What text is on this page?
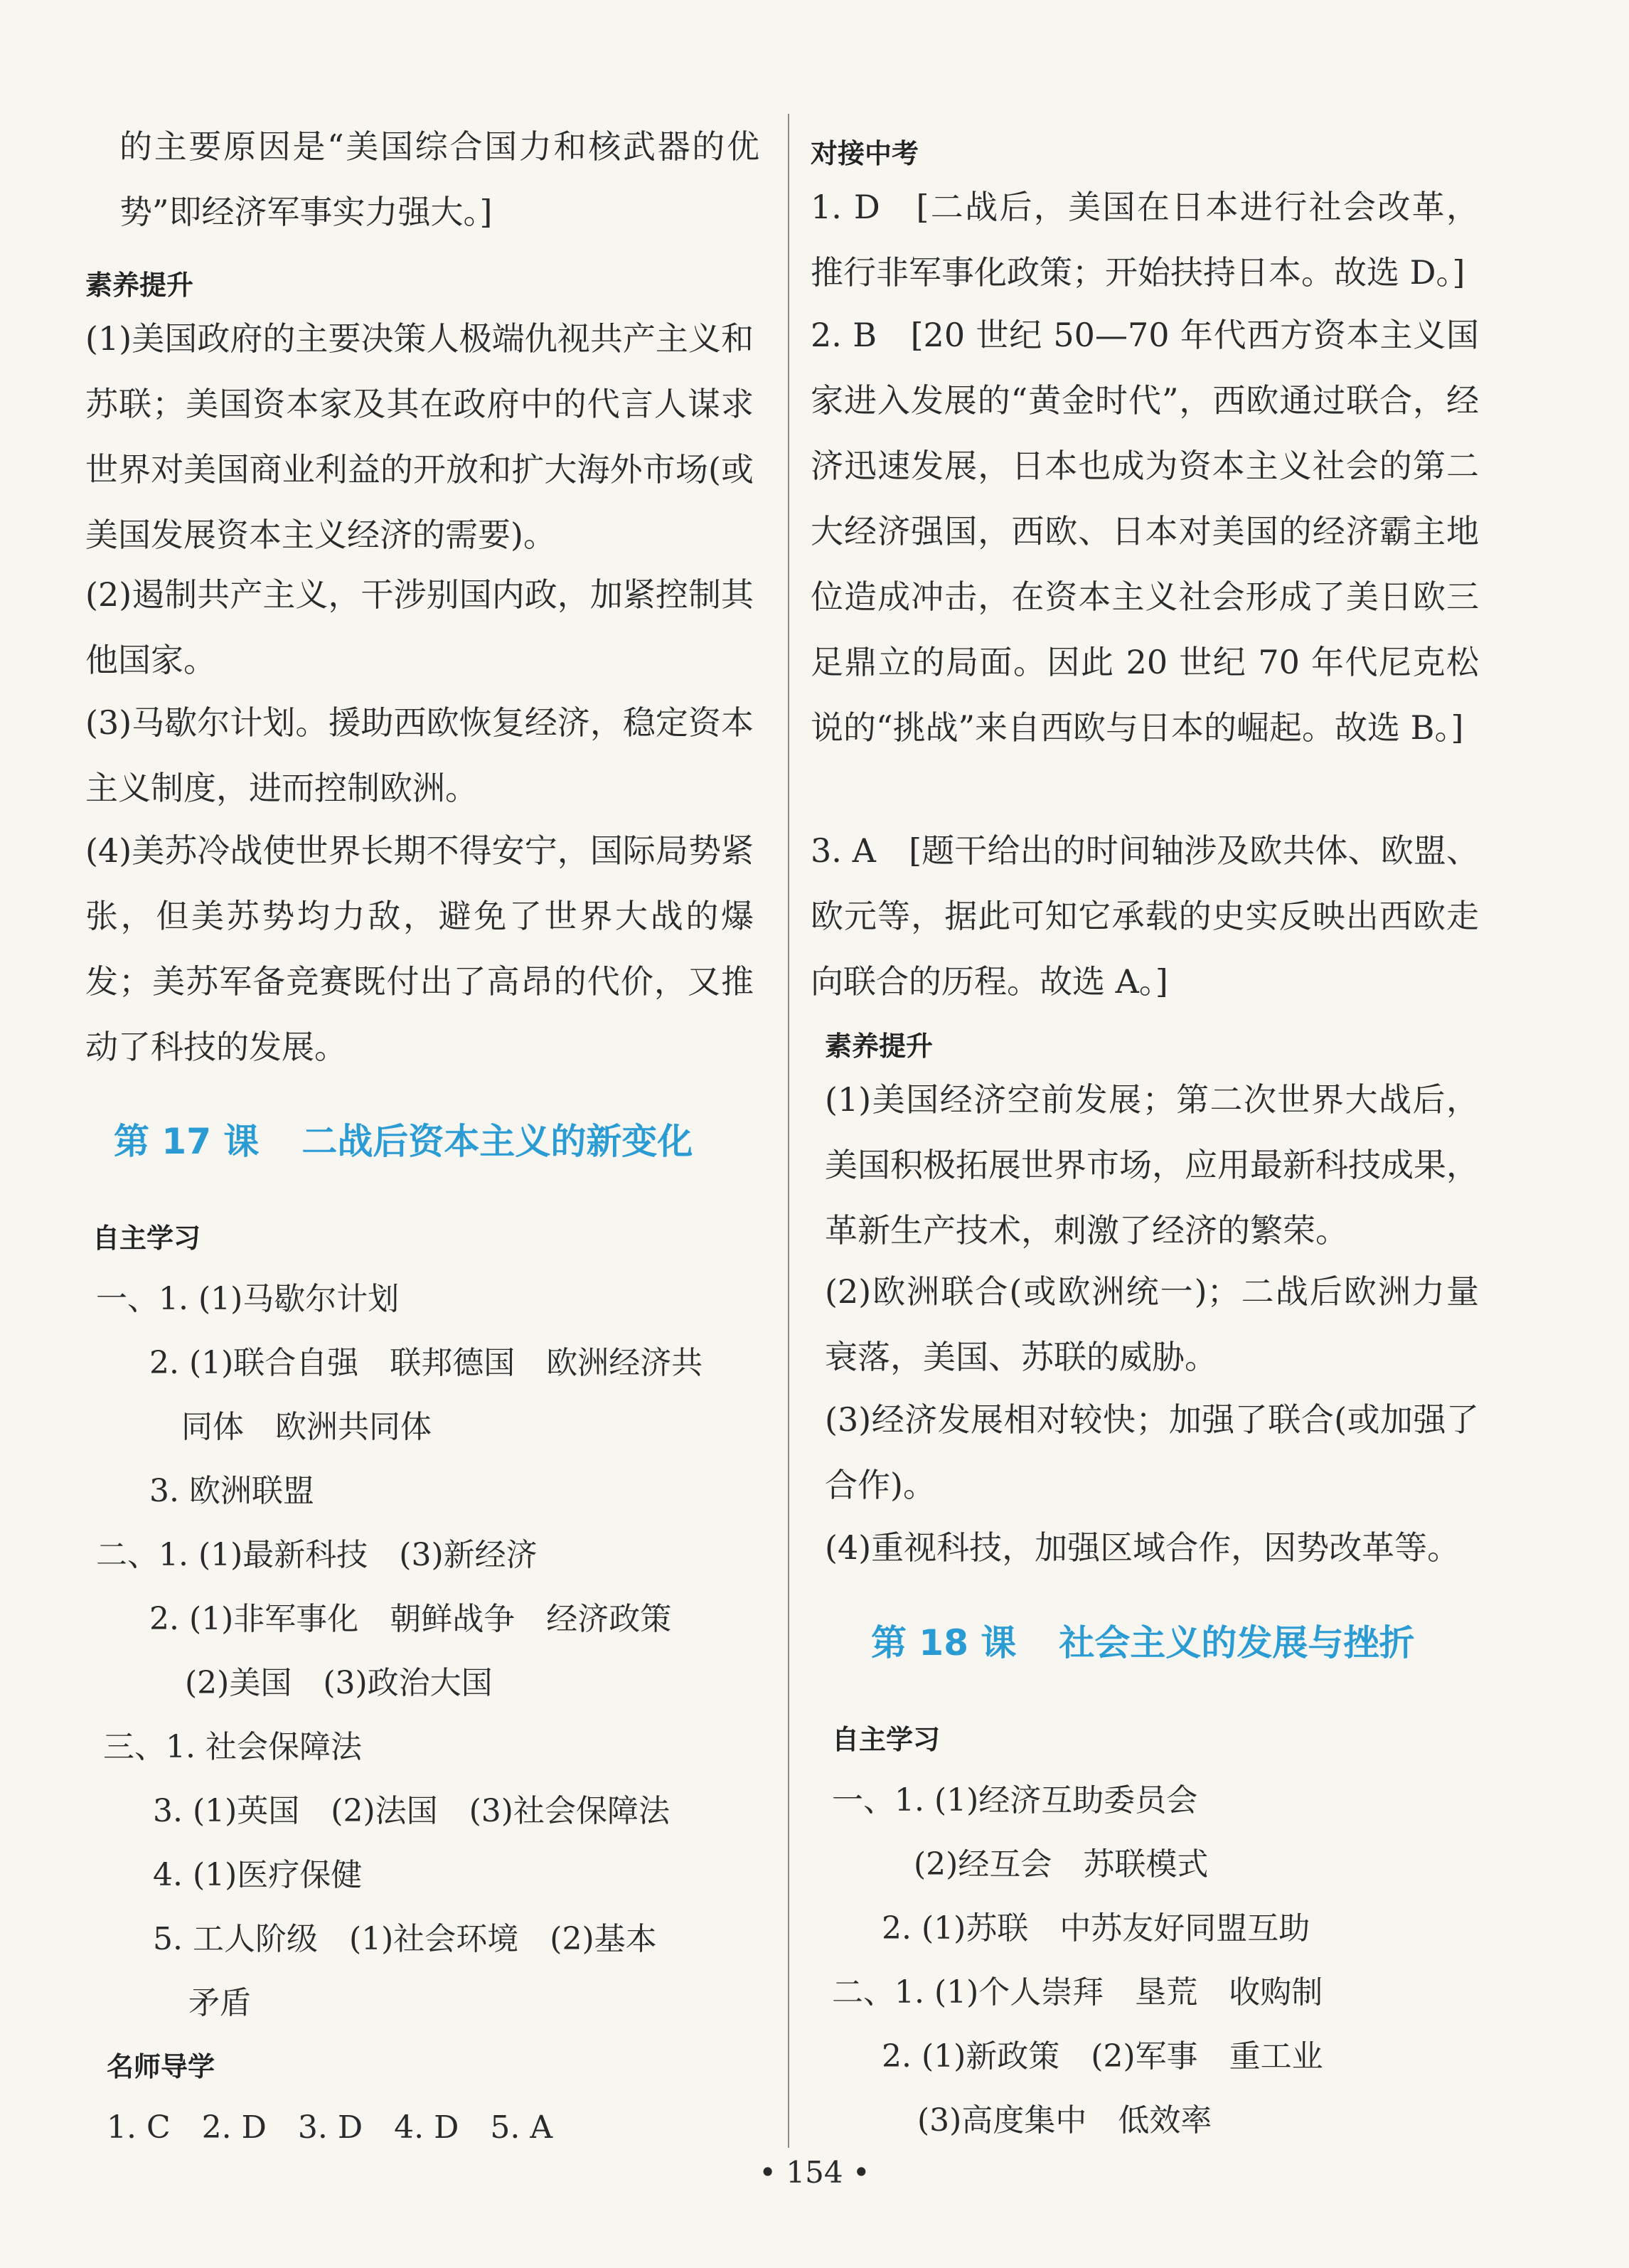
的主要原因是“美国综合国力和核武器的优势”即经济军事实力强大。]

素养提升

(1)美国政府的主要决策人极端仇视共产主义和苏联；美国资本家及其在政府中的代言人谋求世界对美国商业利益的开放和扩大海外市场(或美国发展资本主义经济的需要)。

(2)遏制共产主义，干涉别国内政，加紧控制其他国家。

(3)马歇尔计划。援助西欧恢复经济，稳定资本主义制度，进而控制欧洲。

(4)美苏冷战使世界长期不得安宁，国际局势紧张，但美苏势均力敌，避免了世界大战的爆发；美苏军备竞赛既付出了高昂的代价，又推动了科技的发展。

第 17 课 二战后资本主义的新变化
自主学习
一、1. (1)马歇尔计划
2. (1)联合自强　联邦德国　欧洲经济共
同体　欧洲共同体
3. 欧洲联盟
二、1. (1)最新科技　(3)新经济
2. (1)非军事化　朝鲜战争　经济政策
(2)美国　(3)政治大国
三、1. 社会保障法
3. (1)英国　(2)法国　(3)社会保障法
4. (1)医疗保健
5. 工人阶级　(1)社会环境　(2)基本
矛盾
名师导学
1. C　2. D　3. D　4. D　5. A
对接中考

1. D　[二战后，美国在日本进行社会改革，推行非军事化政策；开始扶持日本。故选 D。]

2. B　[20 世纪 50—70 年代西方资本主义国家进入发展的“黄金时代”，西欧通过联合，经济迅速发展，日本也成为资本主义社会的第二大经济强国，西欧、日本对美国的经济霸主地位造成冲击，在资本主义社会形成了美日欧三足鼎立的局面。因此 20 世纪 70 年代尼克松说的“挑战”来自西欧与日本的崛起。故选 B。]

3. A　[题干给出的时间轴涉及欧共体、欧盟、欧元等，据此可知它承载的史实反映出西欧走向联合的历程。故选 A。]

素养提升

(1)美国经济空前发展；第二次世界大战后，美国积极拓展世界市场，应用最新科技成果，革新生产技术，刺激了经济的繁荣。

(2)欧洲联合(或欧洲统一)；二战后欧洲力量衰落，美国、苏联的威胁。

(3)经济发展相对较快；加强了联合(或加强了合作)。

(4)重视科技，加强区域合作，因势改革等。

第 18 课 社会主义的发展与挫折
自主学习
一、1. (1)经济互助委员会
(2)经互会　苏联模式
2. (1)苏联　中苏友好同盟互助
二、1. (1)个人崇拜　垦荒　收购制
2. (1)新政策　(2)军事　重工业
(3)高度集中　低效率
• 154 •
